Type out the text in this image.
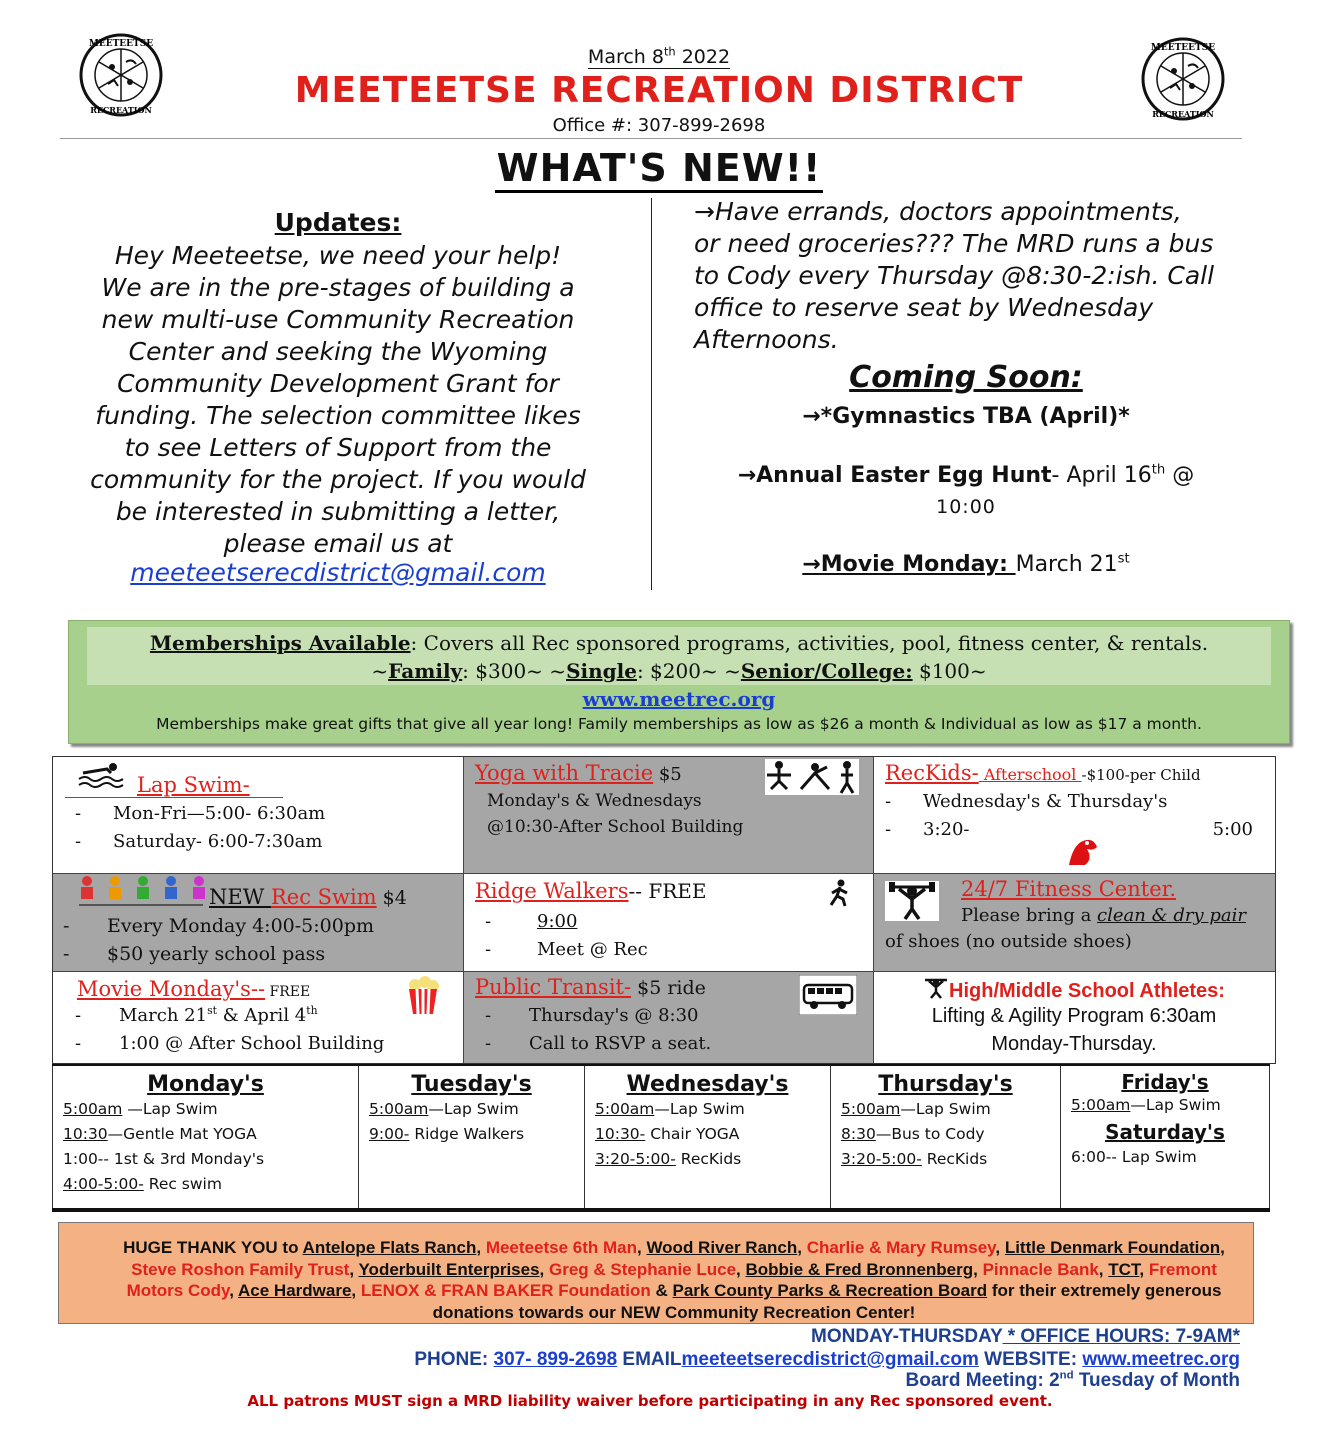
MEETEETSE
RECREATION
MEETEETSE
RECREATION
March 8th 2022
MEETEETSE RECREATION DISTRICT
Office #: 307-899-2698
WHAT'S NEW!!
Updates:
Hey Meeteetse, we need your help!
We are in the pre-stages of building a
new multi-use Community Recreation
Center and seeking the Wyoming
Community Development Grant for
funding. The selection committee likes
to see Letters of Support from the
community for the project. If you would
be interested in submitting a letter,
please email us at
meeteetserecdistrict@gmail.com
→Have errands, doctors appointments,
or need groceries??? The MRD runs a bus
to Cody every Thursday @8:30-2:ish. Call
office to reserve seat by Wednesday
Afternoons.
Coming Soon:
→*Gymnastics TBA (April)*
→Annual Easter Egg Hunt- April 16th @
10:00
→Movie Monday: March 21st
Memberships Available: Covers all Rec sponsored programs, activities, pool, fitness center, & rentals.
~Family: $300~ ~Single: $200~ ~Senior/College: $100~
www.meetrec.org
Memberships make great gifts that give all year long! Family memberships as low as $26 a month & Individual as low as $17 a month.
Lap Swim-
- Mon-Fri—5:00- 6:30am
- Saturday- 6:00-7:30am
Yoga with Tracie $5
Monday's & Wednesdays
@10:30-After School Building
RecKids- Afterschool -$100-per Child
- Wednesday's & Thursday's
- 3:20-	5:00
NEW Rec Swim $4
- Every Monday 4:00-5:00pm
- $50 yearly school pass
Ridge Walkers-- FREE
-	9:00
-	Meet @ Rec
24/7 Fitness Center.
Please bring a clean & dry pair
of shoes (no outside shoes)
Movie Monday's-- FREE
- March 21st & April 4th
- 1:00 @ After School Building
Public Transit- $5 ride
- Thursday's @ 8:30
- Call to RSVP a seat.
High/Middle School Athletes:
Lifting & Agility Program 6:30am
Monday-Thursday.
Monday's
5:00am —Lap Swim
10:30—Gentle Mat YOGA
1:00-- 1st & 3rd Monday's
4:00-5:00- Rec swim
Tuesday's
5:00am—Lap Swim
9:00- Ridge Walkers
Wednesday's
5:00am—Lap Swim
10:30- Chair YOGA
3:20-5:00- RecKids
Thursday's
5:00am—Lap Swim
8:30—Bus to Cody
3:20-5:00- RecKids
Friday's
5:00am—Lap Swim
Saturday's
6:00-- Lap Swim
HUGE THANK YOU to Antelope Flats Ranch, Meeteetse 6th Man, Wood River Ranch, Charlie & Mary Rumsey, Little Denmark Foundation, Steve Roshon Family Trust, Yoderbuilt Enterprises, Greg & Stephanie Luce, Bobbie & Fred Bronnenberg, Pinnacle Bank, TCT, Fremont Motors Cody, Ace Hardware, LENOX & FRAN BAKER Foundation & Park County Parks & Recreation Board for their extremely generous donations towards our NEW Community Recreation Center!
MONDAY-THURSDAY * OFFICE HOURS: 7-9AM*
PHONE: 307- 899-2698 EMAILmeeteetserecdistrict@gmail.com WEBSITE: www.meetrec.org
Board Meeting: 2nd Tuesday of Month
ALL patrons MUST sign a MRD liability waiver before participating in any Rec sponsored event.
